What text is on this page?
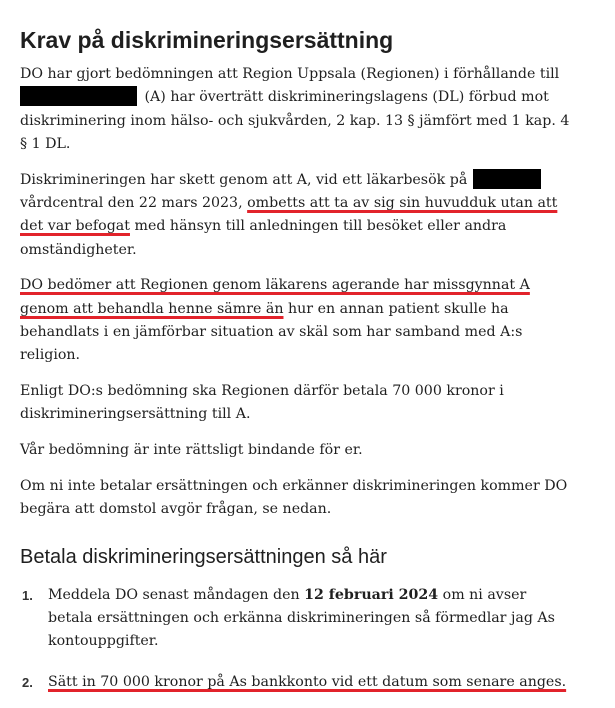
Krav på diskrimineringsersättning

DO har gjort bedömningen att Region Uppsala (Regionen) i förhållande till
(A) har överträtt diskrimineringslagens (DL) förbud mot
diskriminering inom hälso- och sjukvården, 2 kap. 13 § jämfört med 1 kap. 4
§ 1 DL.

Diskrimineringen har skett genom att A, vid ett läkarbesök på
vårdcentral den 22 mars 2023, ombetts att ta av sig sin huvudduk utan att
det var befogat med hänsyn till anledningen till besöket eller andra
omständigheter.

DO bedömer att Regionen genom läkarens agerande har missgynnat A
genom att behandla henne sämre än hur en annan patient skulle ha
behandlats i en jämförbar situation av skäl som har samband med A:s
religion.

Enligt DO:s bedömning ska Regionen därför betala 70 000 kronor i
diskrimineringsersättning till A.

Vår bedömning är inte rättsligt bindande för er.

Om ni inte betalar ersättningen och erkänner diskrimineringen kommer DO
begära att domstol avgör frågan, se nedan.

Betala diskrimineringsersättningen så här
1. Meddela DO senast måndagen den 12 februari 2024 om ni avser
betala ersättningen och erkänna diskrimineringen så förmedlar jag As
kontouppgifter.
2. Sätt in 70 000 kronor på As bankkonto vid ett datum som senare anges.
